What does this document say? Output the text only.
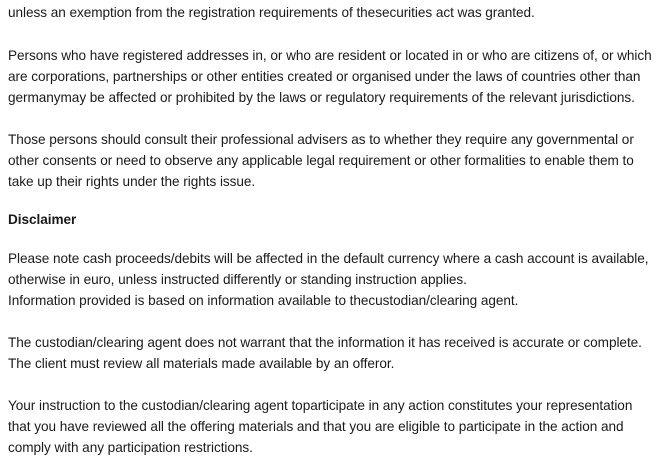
unless an exemption from the registration requirements of thesecurities act was granted.
Persons who have registered addresses in, or who are resident or located in or who are citizens of, or which
are corporations, partnerships or other entities created or organised under the laws of countries other than
germanymay be affected or prohibited by the laws or regulatory requirements of the relevant jurisdictions.
Those persons should consult their professional advisers as to whether they require any governmental or
other consents or need to observe any applicable legal requirement or other formalities to enable them to
take up their rights under the rights issue.
Disclaimer
Please note cash proceeds/debits will be affected in the default currency where a cash account is available,
otherwise in euro, unless instructed differently or standing instruction applies.
Information provided is based on information available to thecustodian/clearing agent.
The custodian/clearing agent does not warrant that the information it has received is accurate or complete.
The client must review all materials made available by an offeror.
Your instruction to the custodian/clearing agent toparticipate in any action constitutes your representation
that you have reviewed all the offering materials and that you are eligible to participate in the action and
comply with any participation restrictions.
